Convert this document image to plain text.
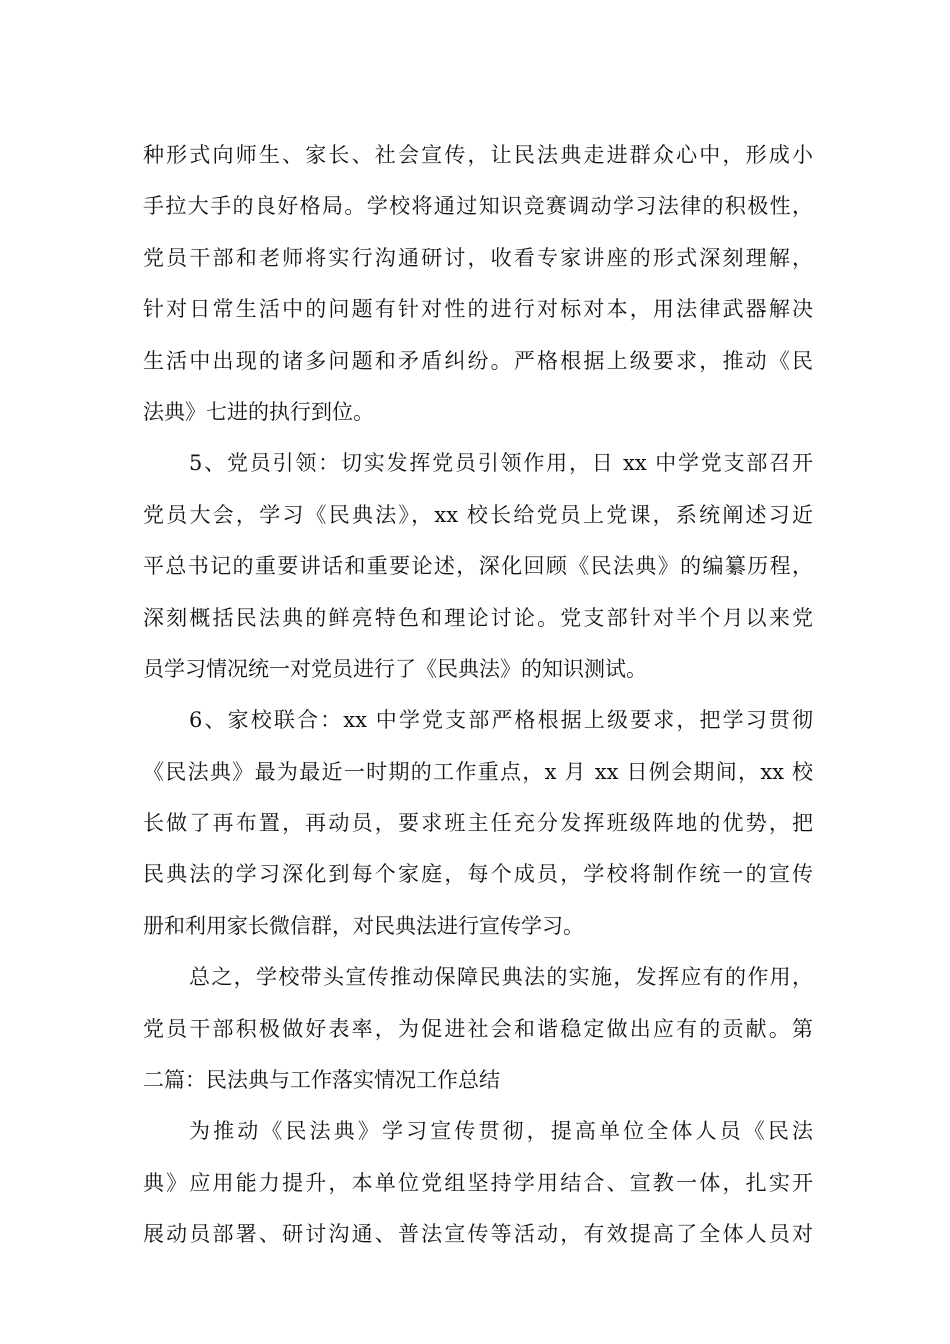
种形式向师生、家长、社会宣传，让民法典走进群众心中，形成小
手拉大手的良好格局。学校将通过知识竞赛调动学习法律的积极性，
党员干部和老师将实行沟通研讨，收看专家讲座的形式深刻理解，
针对日常生活中的问题有针对性的进行对标对本，用法律武器解决
生活中出现的诸多问题和矛盾纠纷。严格根据上级要求，推动《民
法典》七进的执行到位。
5、党员引领：切实发挥党员引领作用，日 xx 中学党支部召开
党员大会，学习《民典法》，xx 校长给党员上党课，系统阐述习近
平总书记的重要讲话和重要论述，深化回顾《民法典》的编纂历程，
深刻概括民法典的鲜亮特色和理论讨论。党支部针对半个月以来党
员学习情况统一对党员进行了《民典法》的知识测试。
6、家校联合：xx 中学党支部严格根据上级要求，把学习贯彻
《民法典》最为最近一时期的工作重点，x 月 xx 日例会期间，xx 校
长做了再布置，再动员，要求班主任充分发挥班级阵地的优势，把
民典法的学习深化到每个家庭，每个成员，学校将制作统一的宣传
册和利用家长微信群，对民典法进行宣传学习。
总之，学校带头宣传推动保障民典法的实施，发挥应有的作用，
党员干部积极做好表率，为促进社会和谐稳定做出应有的贡献。第
二篇：民法典与工作落实情况工作总结
为推动《民法典》学习宣传贯彻，提高单位全体人员《民法
典》应用能力提升，本单位党组坚持学用结合、宣教一体，扎实开
展动员部署、研讨沟通、普法宣传等活动，有效提高了全体人员对
